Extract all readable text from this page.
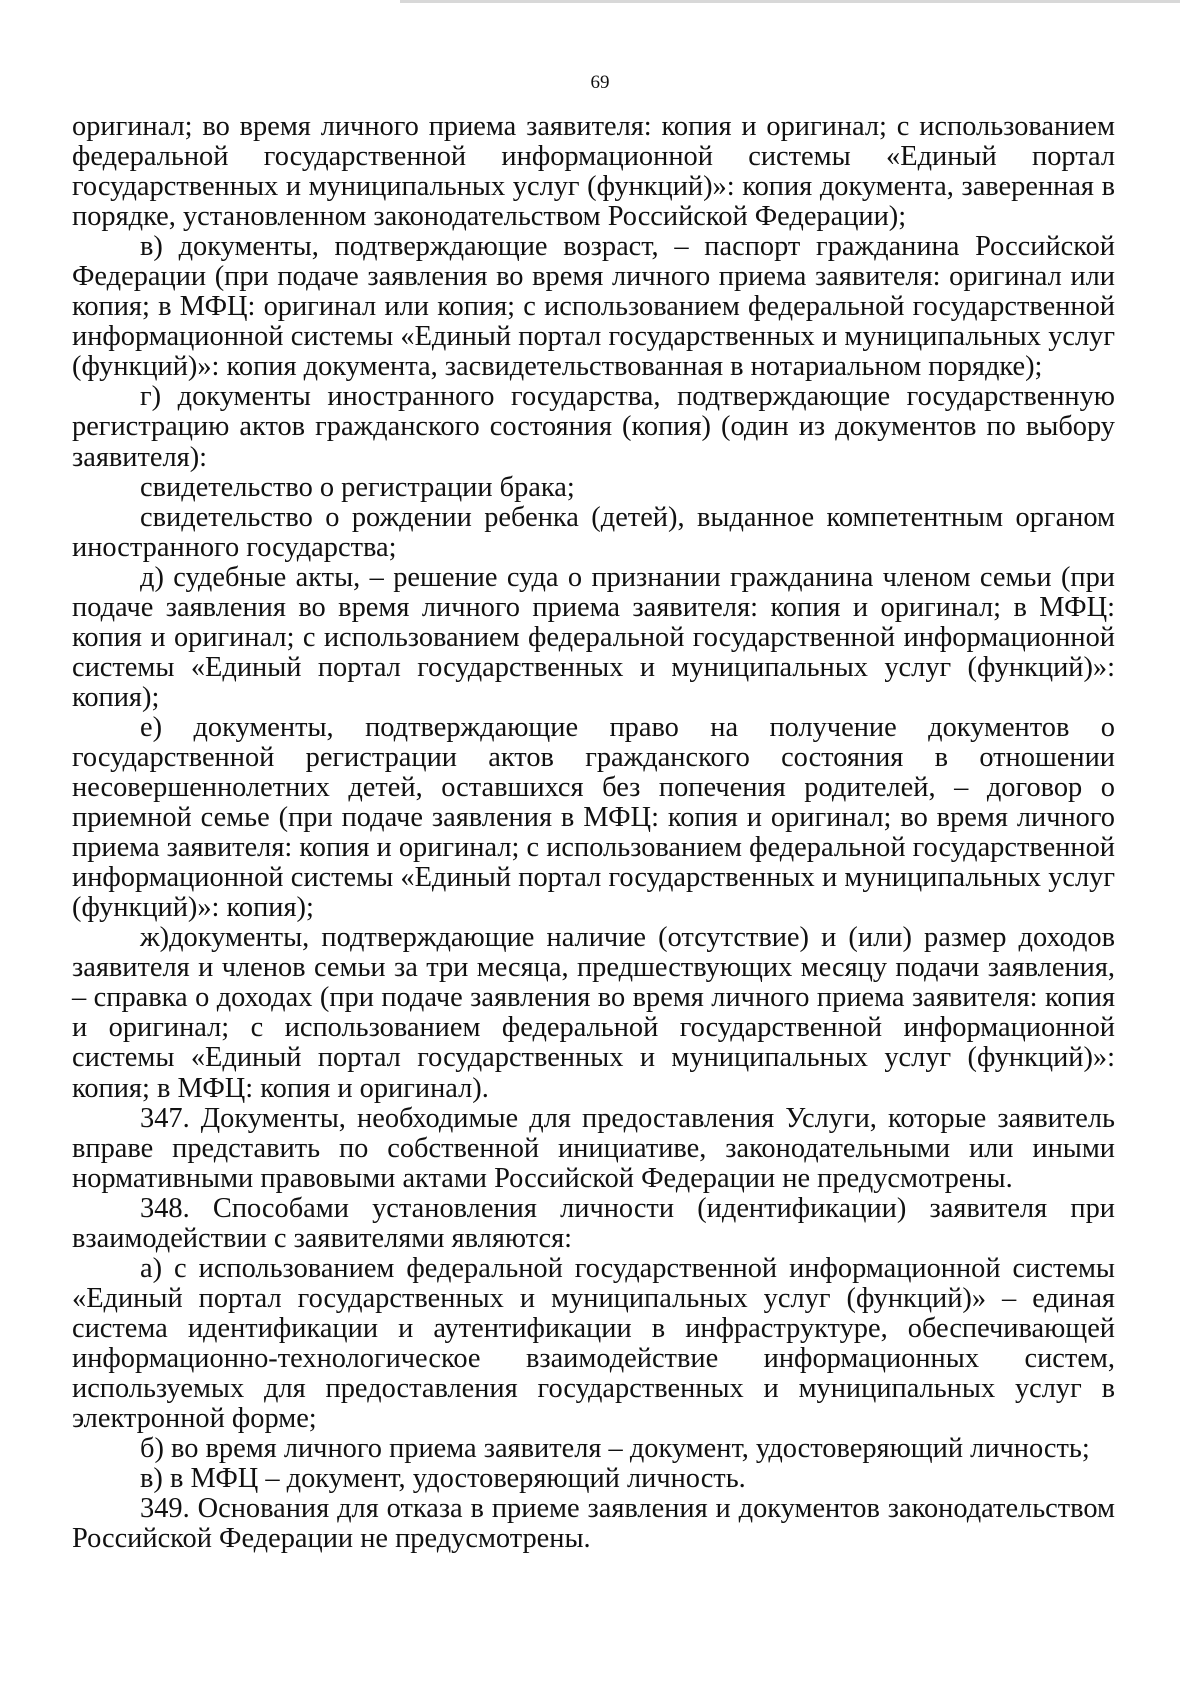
69

оригинал; во время личного приема заявителя: копия и оригинал; с использованием федеральной государственной информационной системы «Единый портал государственных и муниципальных услуг (функций)»: копия документа, заверенная в порядке, установленном законодательством Российской Федерации);

в) документы, подтверждающие возраст, – паспорт гражданина Российской Федерации (при подаче заявления во время личного приема заявителя: оригинал или копия; в МФЦ: оригинал или копия; с использованием федеральной государственной информационной системы «Единый портал государственных и муниципальных услуг (функций)»: копия документа, засвидетельствованная в нотариальном порядке);

г) документы иностранного государства, подтверждающие государственную регистрацию актов гражданского состояния (копия) (один из документов по выбору заявителя):

свидетельство о регистрации брака;

свидетельство о рождении ребенка (детей), выданное компетентным органом иностранного государства;

д) судебные акты, – решение суда о признании гражданина членом семьи (при подаче заявления во время личного приема заявителя: копия и оригинал; в МФЦ: копия и оригинал; с использованием федеральной государственной информационной системы «Единый портал государственных и муниципальных услуг (функций)»: копия);

е) документы, подтверждающие право на получение документов о государственной регистрации актов гражданского состояния в отношении несовершеннолетних детей, оставшихся без попечения родителей, – договор о приемной семье (при подаче заявления в МФЦ: копия и оригинал; во время личного приема заявителя: копия и оригинал; с использованием федеральной государственной информационной системы «Единый портал государственных и муниципальных услуг (функций)»: копия);

ж)документы, подтверждающие наличие (отсутствие) и (или) размер доходов заявителя и членов семьи за три месяца, предшествующих месяцу подачи заявления, – справка о доходах (при подаче заявления во время личного приема заявителя: копия и оригинал; с использованием федеральной государственной информационной системы «Единый портал государственных и муниципальных услуг (функций)»: копия; в МФЦ: копия и оригинал).

347. Документы, необходимые для предоставления Услуги, которые заявитель вправе представить по собственной инициативе, законодательными или иными нормативными правовыми актами Российской Федерации не предусмотрены.

348. Способами установления личности (идентификации) заявителя при взаимодействии с заявителями являются:

а) с использованием федеральной государственной информационной системы «Единый портал государственных и муниципальных услуг (функций)» – единая система идентификации и аутентификации в инфраструктуре, обеспечивающей информационно-технологическое взаимодействие информационных систем, используемых для предоставления государственных и муниципальных услуг в электронной форме;

б) во время личного приема заявителя – документ, удостоверяющий личность;

в) в МФЦ – документ, удостоверяющий личность.

349. Основания для отказа в приеме заявления и документов законодательством Российской Федерации не предусмотрены.
